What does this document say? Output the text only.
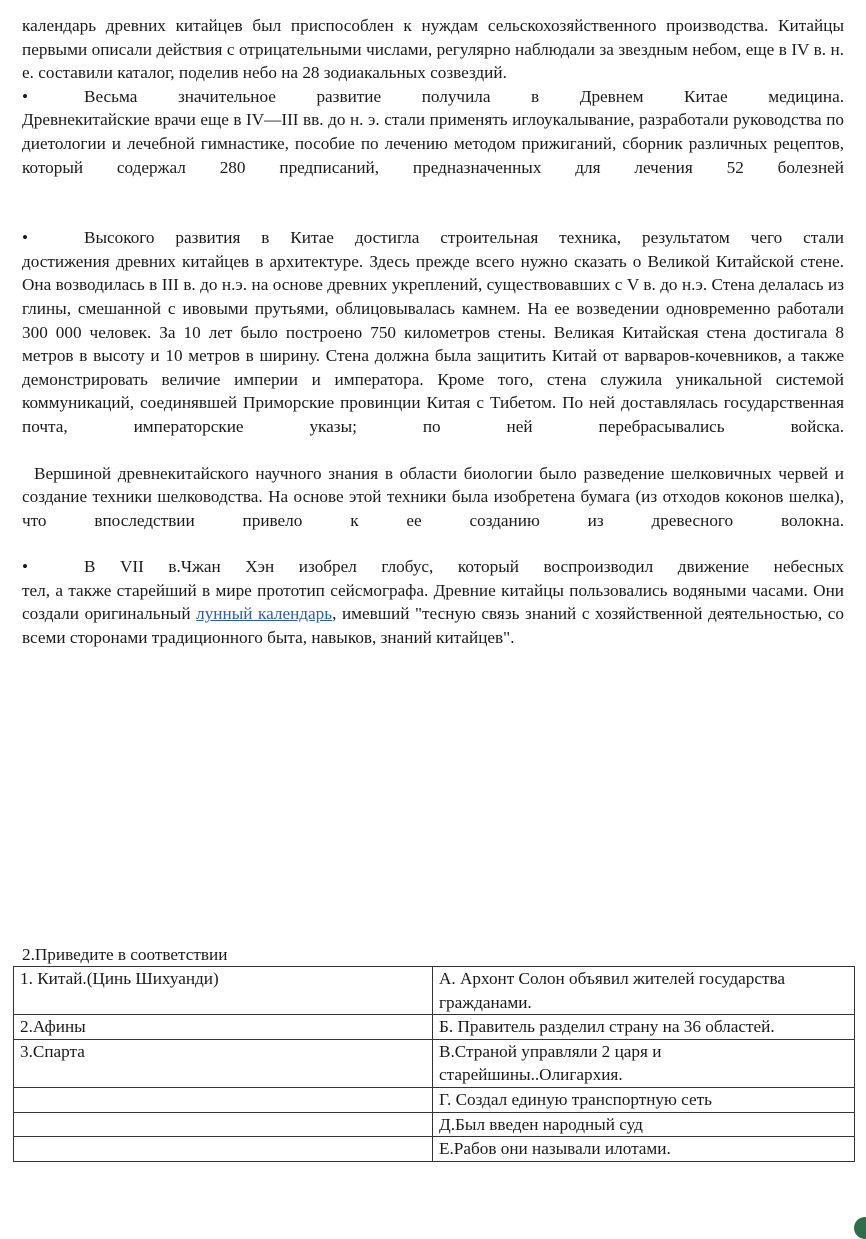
календарь древних китайцев был приспособлен к нуждам сельскохозяйственного производства. Китайцы первыми описали действия с отрицательными числами, регулярно наблюдали за звездным небом, еще в IV в. н. е. составили каталог, поделив небо на 28 зодиакальных созвездий.

•	Весьма значительное развитие получила в Древнем Китае медицина.

Древнекитайские врачи еще в IV—III вв. до н. э. стали применять иглоукалывание, разработали руководства по диетологии и лечебной гимнастике, пособие по лечению методом прижиганий, сборник различных рецептов, который содержал 280 предписаний, предназначенных для лечения 52 болезней

•	Высокого развития в Китае достигла строительная техника, результатом чего стали

достижения древних китайцев в архитектуре. Здесь прежде всего нужно сказать о Великой Китайской стене. Она возводилась в III в. до н.э. на основе древних укреплений, существовавших с V в. до н.э. Стена делалась из глины, смешанной с ивовыми прутьями, облицовывалась камнем. На ее возведении одновременно работали 300 000 человек. За 10 лет было построено 750 километров стены. Великая Китайская стена достигала 8 метров в высоту и 10 метров в ширину. Стена должна была защитить Китай от варваров-кочевников, а также демонстрировать величие империи и императора. Кроме того, стена служила уникальной системой коммуникаций, соединявшей Приморские провинции Китая с Тибетом. По ней доставлялась государственная почта, императорские указы; по ней перебрасывались войска.

Вершиной древнекитайского научного знания в области биологии было разведение шелковичных червей и создание техники шелководства. На основе этой техники была изобретена бумага (из отходов коконов шелка), что впоследствии привело к ее созданию из древесного волокна.

•	В VII в.Чжан Хэн изобрел глобус, который воспроизводил движение небесных

тел, а также старейший в мире прототип сейсмографа. Древние китайцы пользовались водяными часами. Они создали оригинальный лунный календарь, имевший "тесную связь знаний с хозяйственной деятельностью, со всеми сторонами традиционного быта, навыков, знаний китайцев".

2.Приведите в соответствии

1. Китай.(Цинь Шихуанди)	А. Архонт Солон объявил жителей государства гражданами.
2.Афины	Б. Правитель разделил страну на 36 областей.
3.Спарта	В.Страной управляли 2 царя и старейшины..Олигархия.
	Г. Создал единую транспортную сеть
	Д.Был введен народный суд
	Е.Рабов они называли илотами.
